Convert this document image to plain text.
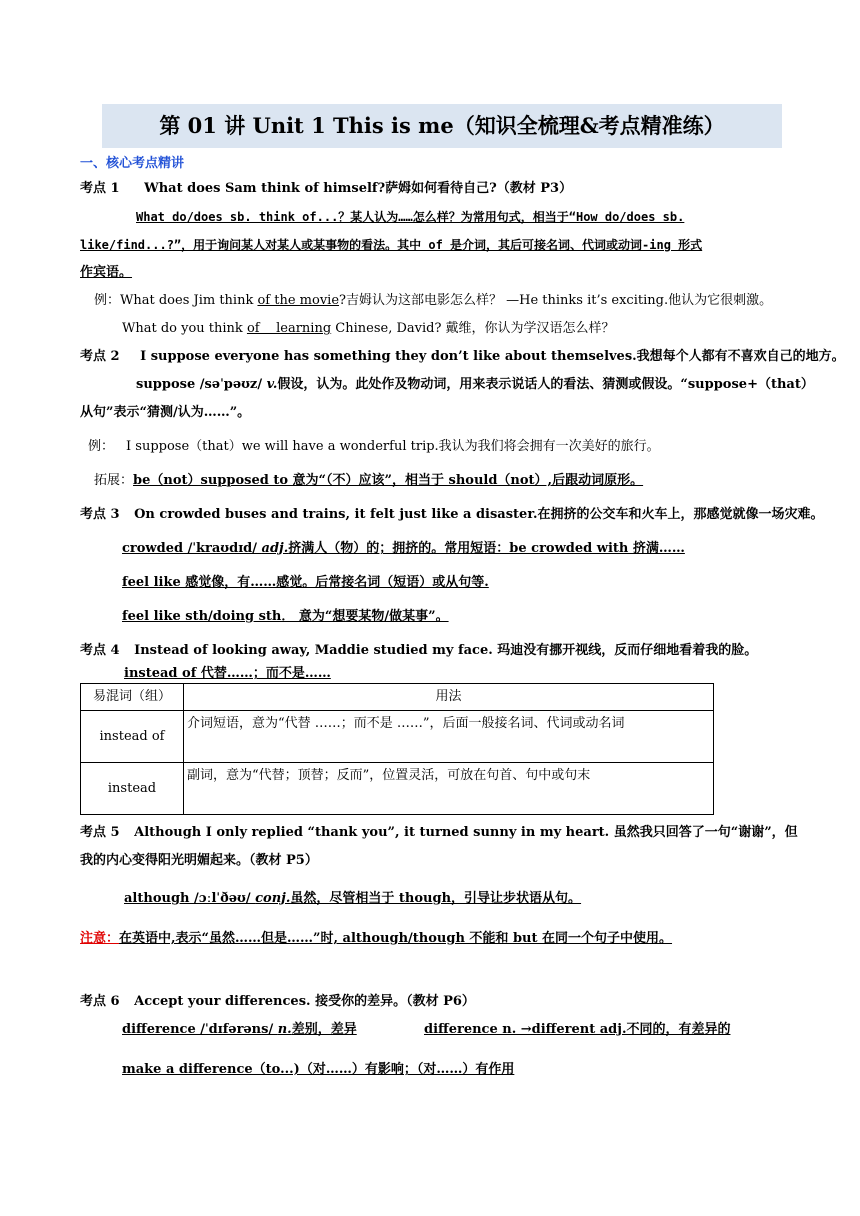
第 01 讲 Unit 1 This is me（知识全梳理&考点精准练）
一、核心考点精讲
考点 1 What does Sam think of himself?萨姆如何看待自己?（教材 P3）
What do/does sb. think of...？某人认为……怎么样？为常用句式，相当于“How do/does sb.
like/find...?”，用于询问某人对某人或某事物的看法。其中 of 是介词，其后可接名词、代词或动词-ing 形式
作宾语。
例：What does Jim think of the movie?吉姆认为这部电影怎么样？ —He thinks it’s exciting.他认为它很刺激。
What do you think of    learning Chinese, David? 戴维，你认为学汉语怎么样？
考点 2 I suppose everyone has something they don’t like about themselves.我想每个人都有不喜欢自己的地方。
suppose /səˈpəʊz/ v.假设，认为。此处作及物动词，用来表示说话人的看法、猜测或假设。“suppose+（that）
从句”表示“猜测/认为……”。
例： I suppose（that）we will have a wonderful trip.我认为我们将会拥有一次美好的旅行。
拓展：be（not）supposed to 意为“（不）应该”，相当于 should（not）,后跟动词原形。
考点 3 On crowded buses and trains, it felt just like a disaster.在拥挤的公交车和火车上，那感觉就像一场灾难。
crowded /ˈkraʊdɪd/ adj.挤满人（物）的；拥挤的。常用短语：be crowded with 挤满……
feel like 感觉像，有……感觉。后常接名词（短语）或从句等.
feel like sth/doing sth． 意为“想要某物/做某事”。
考点 4 Instead of looking away, Maddie studied my face. 玛迪没有挪开视线，反而仔细地看着我的脸。
instead of 代替……；而不是……
易混词（组）	用法
instead of	介词短语，意为“代替 ……；而不是 ……”，后面一般接名词、代词或动名词
instead	副词，意为“代替；顶替；反而”，位置灵活，可放在句首、句中或句末
考点 5 Although I only replied “thank you”, it turned sunny in my heart. 虽然我只回答了一句“谢谢”，但
我的内心变得阳光明媚起来。（教材 P5）
although /ɔːlˈðəʊ/ conj.虽然，尽管相当于 though，引导让步状语从句。
注意：在英语中,表示“虽然……但是……”时, although/though 不能和 but 在同一个句子中使用。
考点 6 Accept your differences. 接受你的差异。（教材 P6）
difference /ˈdɪfərəns/ n.差别，差异	difference n. →different adj.不同的，有差异的
make a difference（to...)（对……）有影响；（对……）有作用
